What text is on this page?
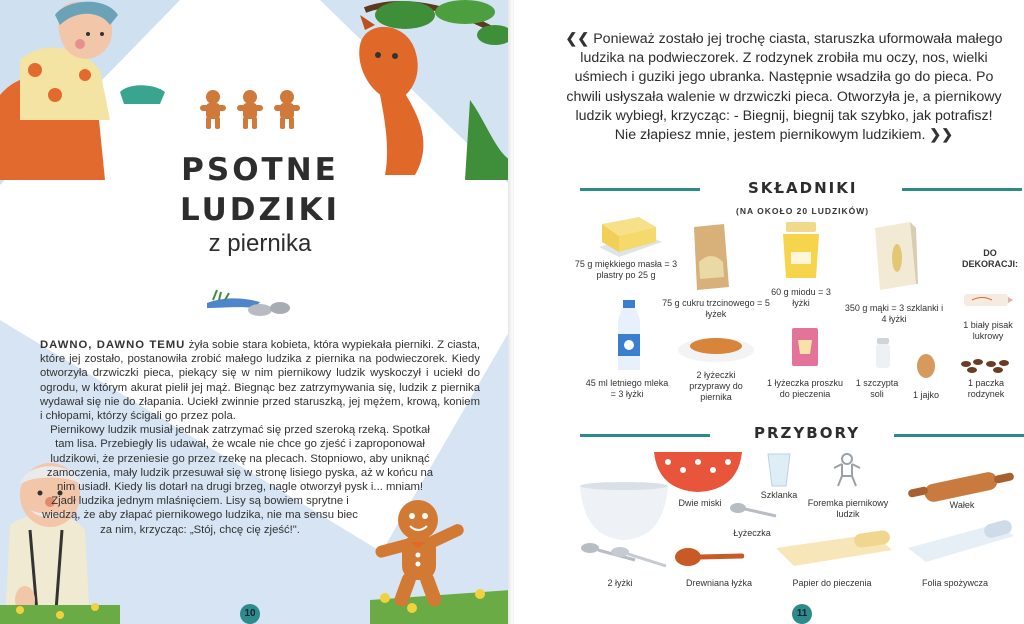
PSOTNE
LUDZIKI
z piernika

DAWNO, DAWNO TEMU żyła sobie stara kobieta, która wypiekała pierniki. Z ciasta, które jej zostało, postanowiła zrobić małego ludzika z piernika na podwieczorek. Kiedy otworzyła drzwiczki pieca, piekący się w nim piernikowy ludzik wyskoczył i uciekł do ogrodu, w którym akurat pielił jej mąż. Biegnąc bez zatrzymywania się, ludzik z piernika wydawał się nie do złapania. Uciekł zwinnie przed staruszką, jej mężem, krową, koniem i chłopami, którzy ścigali go przez pola.

Piernikowy ludzik musiał jednak zatrzymać się przed szeroką rzeką. Spotkał tam lisa. Przebiegły lis udawał, że wcale nie chce go zjeść i zaproponował ludzikowi, że przeniesie go przez rzekę na plecach. Stopniowo, aby uniknąć zamoczenia, mały ludzik przesuwał się w stronę lisiego pyska, aż w końcu na nim usiadł. Kiedy lis dotarł na drugi brzeg, nagle otworzył pysk i... mniam!

Zjadł ludzika jednym mlaśnięciem. Lisy są bowiem sprytne i wiedzą, że aby złapać piernikowego ludzika, nie ma sensu biec za nim, krzycząc: „Stój, chcę cię zjeść!".

10
❮❮ Ponieważ zostało jej trochę ciasta, staruszka uformowała małego ludzika na podwieczorek. Z rodzynek zrobiła mu oczy, nos, wielki uśmiech i guziki jego ubranka. Następnie wsadziła go do pieca. Po chwili usłyszała walenie w drzwiczki pieca. Otworzyła je, a piernikowy ludzik wybiegł, krzycząc: - Biegnij, biegnij tak szybko, jak potrafisz! Nie złapiesz mnie, jestem piernikowym ludzikiem. ❯❯
SKŁADNIKI
(NA OKOŁO 20 LUDZIKÓW)
75 g miękkiego masła = 3 plastry po 25 g
75 g cukru trzcinowego = 5 łyżek
60 g miodu = 3 łyżki	350 g mąki = 3 szklanki i 4 łyżki
DO DEKORACJI:
1 biały pisak lukrowy
45 ml letniego mleka = 3 łyżki
2 łyżeczki przyprawy do piernika
1 łyżeczka proszku do pieczenia
1 szczypta soli	1 jajko
1 paczka rodzynek
PRZYBORY
Dwie miski
Szklanka
Foremka piernikowy ludzik
Wałek
Łyżeczka
2 łyżki	Drewniana łyżka	Papier do pieczenia	Folia spożywcza
11
